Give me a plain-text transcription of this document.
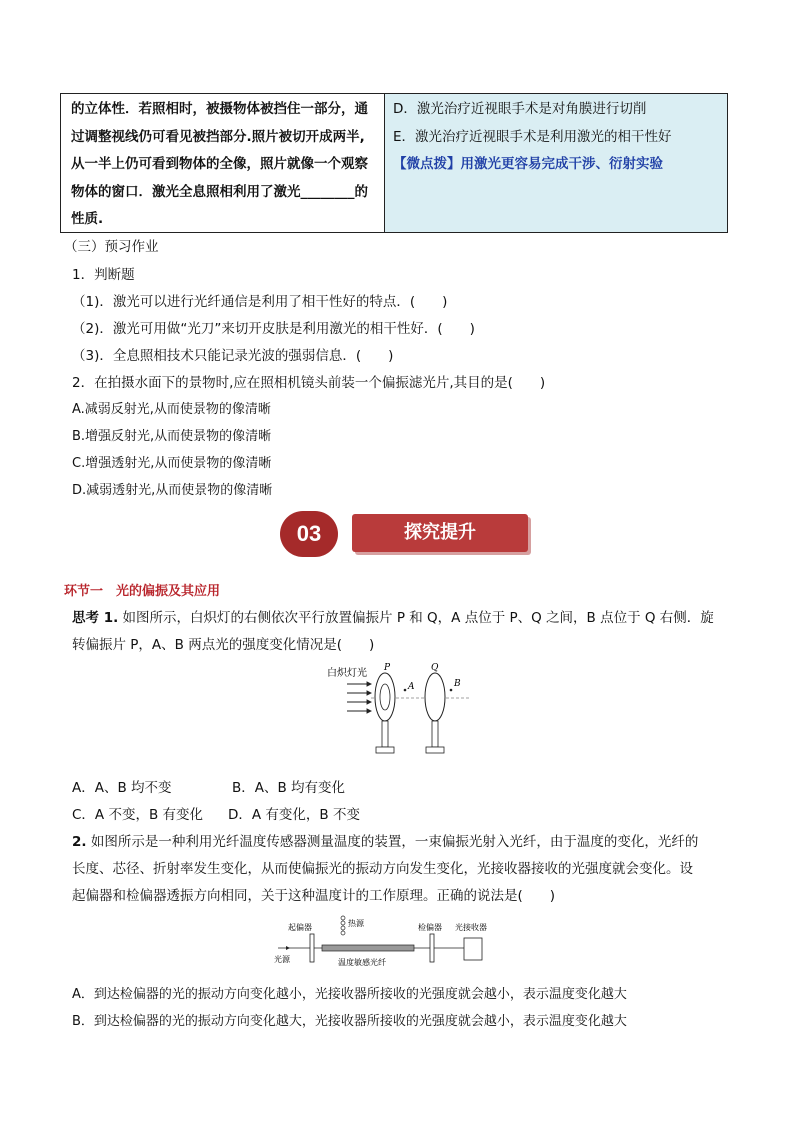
的立体性．若照相时，被摄物体被挡住一部分，通
过调整视线仍可看见被挡部分.照片被切开成两半,
从一半上仍可看到物体的全像，照片就像一个观察
物体的窗口．激光全息照相利用了激光________的
性质.
D．激光治疗近视眼手术是对角膜进行切削
E．激光治疗近视眼手术是利用激光的相干性好
【微点拨】用激光更容易完成干涉、衍射实验
（三）预习作业
1．判断题
（1)．激光可以进行光纤通信是利用了相干性好的特点．(　　)
（2)．激光可用做“光刀”来切开皮肤是利用激光的相干性好．(　　)
（3)．全息照相技术只能记录光波的强弱信息．(　　)
2．在拍摄水面下的景物时,应在照相机镜头前装一个偏振滤光片,其目的是(　　)
A.减弱反射光,从而使景物的像清晰
B.增强反射光,从而使景物的像清晰
C.增强透射光,从而使景物的像清晰
D.减弱透射光,从而使景物的像清晰
03	探究提升
环节一　光的偏振及其应用
思考 1. 如图所示，白炽灯的右侧依次平行放置偏振片 P 和 Q，A 点位于 P、Q 之间，B 点位于 Q 右侧．旋
转偏振片 P，A、B 两点光的强度变化情况是(　　)
白炽灯光 P
A
Q
B
A．A、B 均不变	B．A、B 均有变化
C．A 不变，B 有变化 D．A 有变化，B 不变
2. 如图所示是一种利用光纤温度传感器测量温度的装置，一束偏振光射入光纤，由于温度的变化，光纤的
长度、芯径、折射率发生变化，从而使偏振光的振动方向发生变化，光接收器接收的光强度就会变化。设
起偏器和检偏器透振方向相同，关于这种温度计的工作原理。正确的说法是(　　)
起偏器	热源	检偏器 光接收器
光源	温度敏感光纤
A．到达检偏器的光的振动方向变化越小，光接收器所接收的光强度就会越小，表示温度变化越大
B．到达检偏器的光的振动方向变化越大，光接收器所接收的光强度就会越小，表示温度变化越大
